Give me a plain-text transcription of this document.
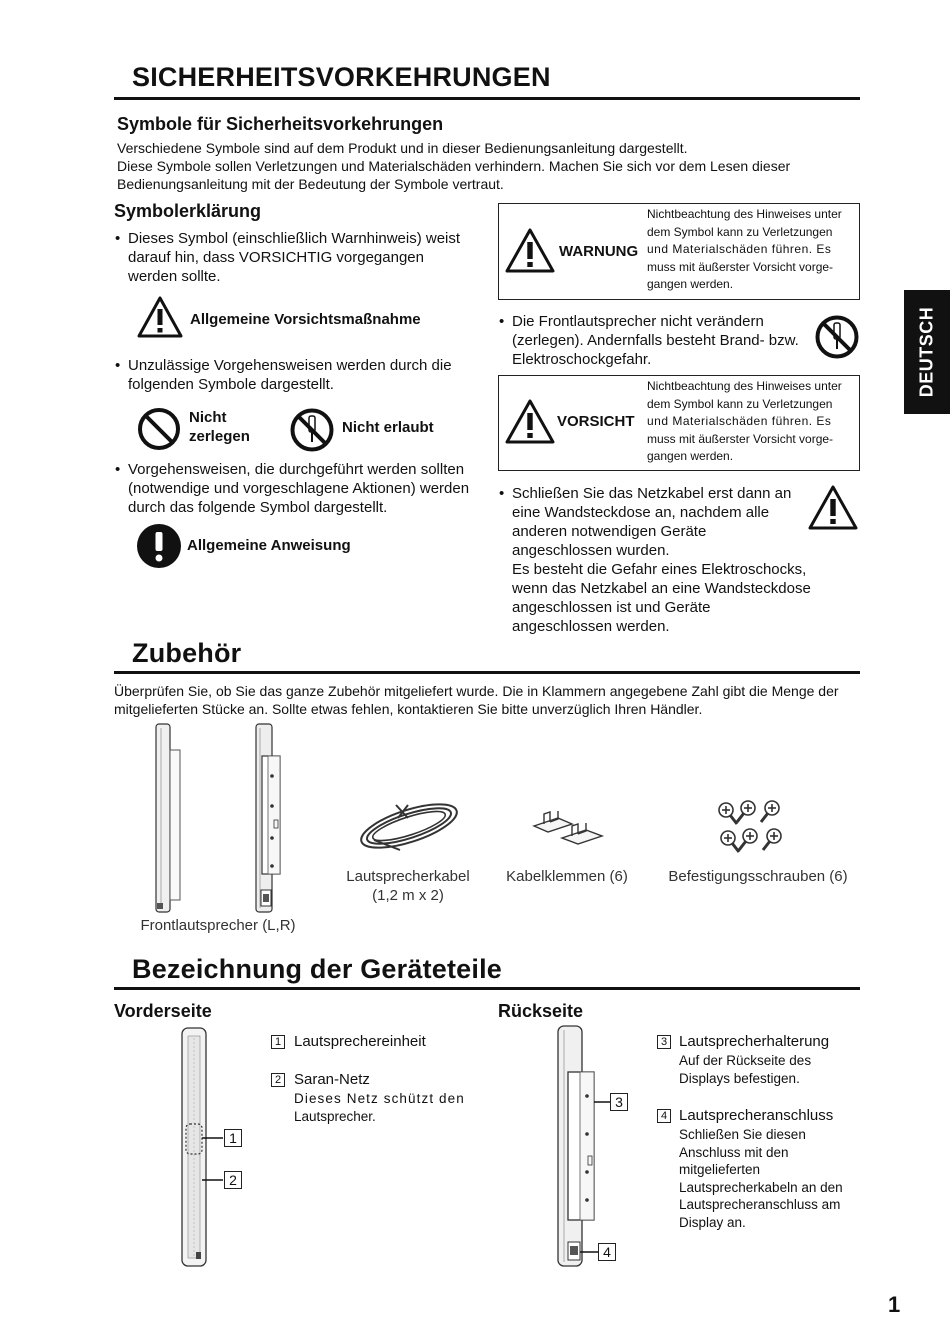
DEUTSCH
SICHERHEITSVORKEHRUNGEN
Symbole für Sicherheitsvorkehrungen
Verschiedene Symbole sind auf dem Produkt und in dieser Bedienungsanleitung dargestellt.
Diese Symbole sollen Verletzungen und Materialschäden verhindern. Machen Sie sich vor dem Lesen dieser
Bedienungsanleitung mit der Bedeutung der Symbole vertraut.
Symbolerklärung
• Dieses Symbol (einschließlich Warnhinweis) weist
darauf hin, dass VORSICHTIG vorgegangen
werden sollte.
Allgemeine Vorsichtsmaßnahme
• Unzulässige Vorgehensweisen werden durch die
folgenden Symbole dargestellt.
Nicht
zerlegen
Nicht erlaubt
• Vorgehensweisen, die durchgeführt werden sollten
(notwendige und vorgeschlagene Aktionen) werden
durch das folgende Symbol dargestellt.
Allgemeine Anweisung
WARNUNG
Nichtbeachtung des Hinweises unter
dem Symbol kann zu Verletzungen
und Materialschäden führen. Es
muss mit äußerster Vorsicht vorge-
gangen werden.
• Die Frontlautsprecher nicht verändern
(zerlegen). Andernfalls besteht Brand- bzw.
Elektroschockgefahr.
VORSICHT
Nichtbeachtung des Hinweises unter
dem Symbol kann zu Verletzungen
und Materialschäden führen. Es
muss mit äußerster Vorsicht vorge-
gangen werden.
• Schließen Sie das Netzkabel erst dann an
eine Wandsteckdose an, nachdem alle
anderen notwendigen Geräte
angeschlossen wurden.
Es besteht die Gefahr eines Elektroschocks,
wenn das Netzkabel an eine Wandsteckdose
angeschlossen ist und Geräte
angeschlossen werden.
Zubehör
Überprüfen Sie, ob Sie das ganze Zubehör mitgeliefert wurde. Die in Klammern angegebene Zahl gibt die Menge der
mitgelieferten Stücke an. Sollte etwas fehlen, kontaktieren Sie bitte unverzüglich Ihren Händler.
Frontlautsprecher (L,R)
Lautsprecherkabel
(1,2 m x 2)
Kabelklemmen (6)	Befestigungsschrauben (6)
Bezeichnung der Geräteteile
Vorderseite	Rückseite
1
2
1 Lautsprechereinheit
2 Saran-Netz
Dieses Netz schützt den
Lautsprecher.
3
4
3 Lautsprecherhalterung
Auf der Rückseite des
Displays befestigen.
4 Lautsprecheranschluss
Schließen Sie diesen
Anschluss mit den
mitgelieferten
Lautsprecherkabeln an den
Lautsprecheranschluss am
Display an.
1
